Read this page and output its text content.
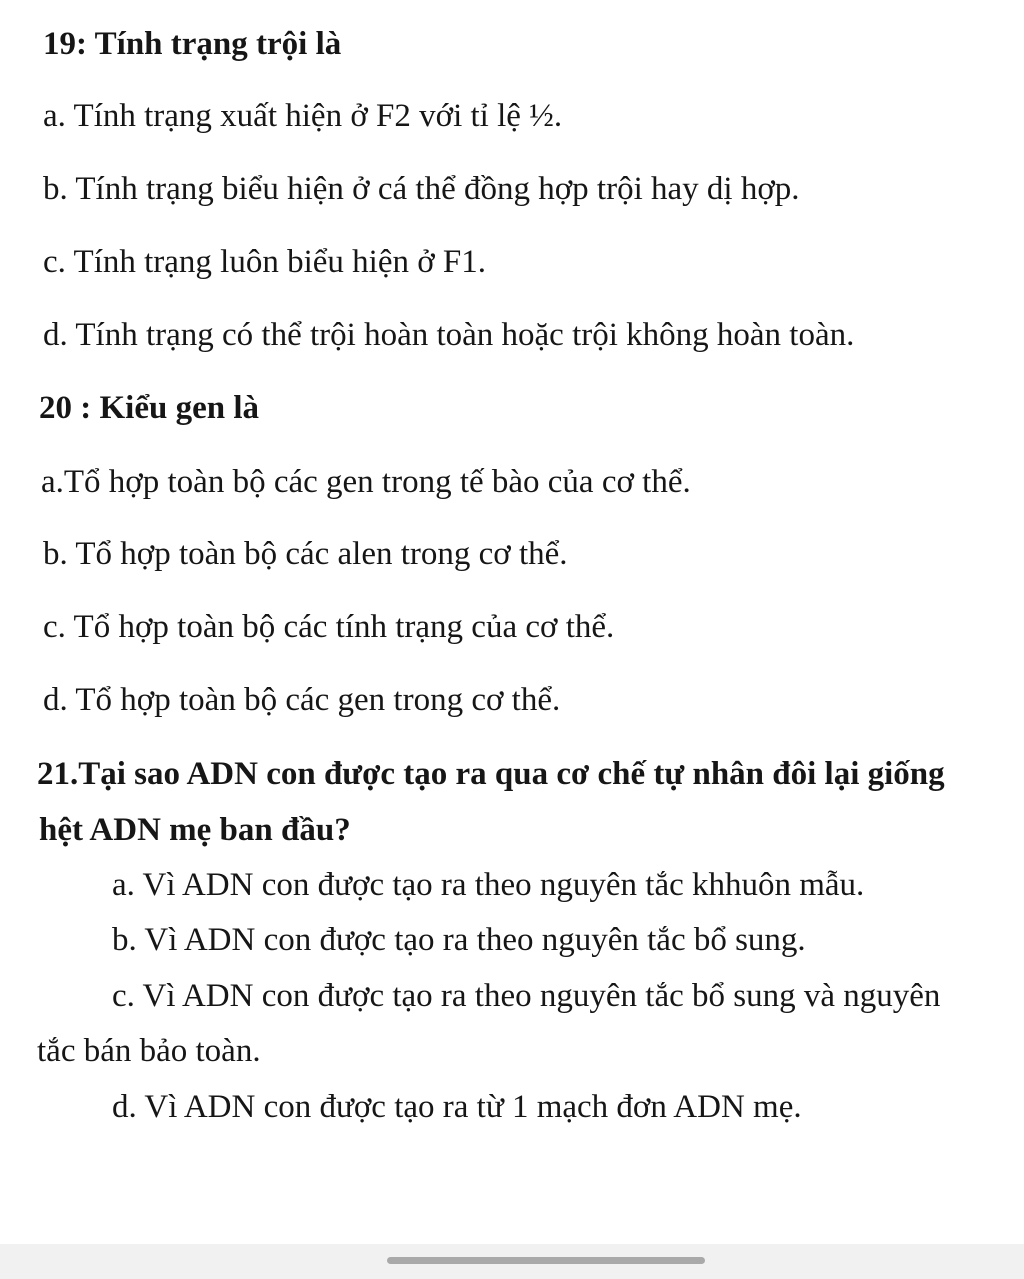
19: Tính trạng trội là
a. Tính trạng xuất hiện ở F2 với tỉ lệ ½.
b. Tính trạng biểu hiện ở cá thể đồng hợp trội hay dị hợp.
c. Tính trạng luôn biểu hiện ở F1.
d. Tính trạng có thể trội hoàn toàn hoặc trội không hoàn toàn.
20 : Kiểu gen là
a.Tổ hợp toàn bộ các gen trong tế bào của cơ thể.
b. Tổ hợp toàn bộ các alen trong cơ thể.
c. Tổ hợp toàn bộ các tính trạng của cơ thể.
d. Tổ hợp toàn bộ các gen trong cơ thể.
21.Tại sao ADN con được tạo ra qua cơ chế tự nhân đôi lại giống
hệt ADN mẹ ban đầu?
a. Vì ADN con được tạo ra theo nguyên tắc khhuôn mẫu.
b. Vì ADN con được tạo ra theo nguyên tắc bổ sung.
c. Vì ADN con được tạo ra theo nguyên tắc bổ sung và nguyên
tắc bán bảo toàn.
d. Vì ADN con được tạo ra từ 1 mạch đơn ADN mẹ.
